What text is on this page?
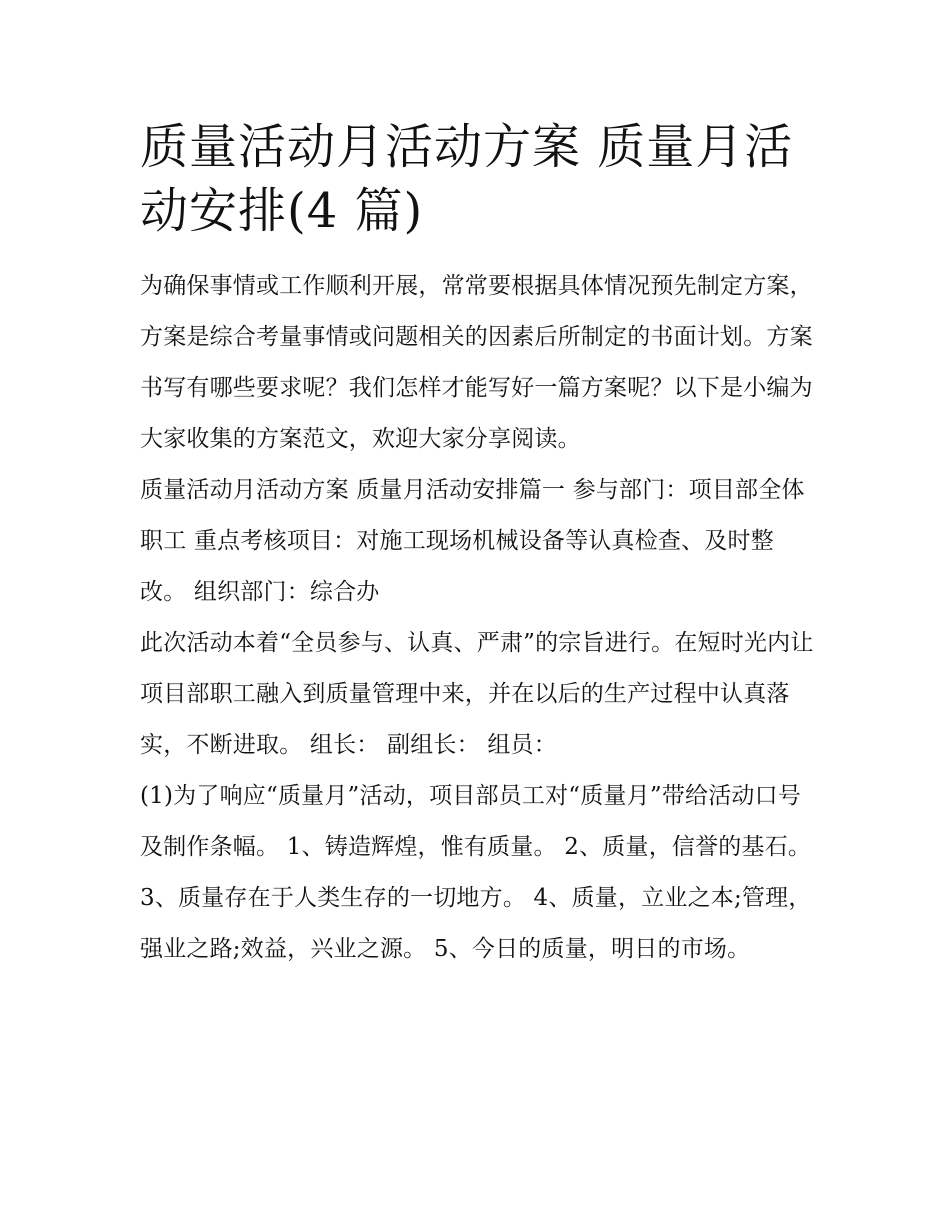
质量活动月活动方案 质量月活动安排(4 篇)

为确保事情或工作顺利开展，常常要根据具体情况预先制定方案，方案是综合考量事情或问题相关的因素后所制定的书面计划。方案书写有哪些要求呢？我们怎样才能写好一篇方案呢？以下是小编为大家收集的方案范文，欢迎大家分享阅读。

质量活动月活动方案 质量月活动安排篇一 参与部门：项目部全体职工 重点考核项目：对施工现场机械设备等认真检查、及时整改。 组织部门：综合办

此次活动本着“全员参与、认真、严肃”的宗旨进行。在短时光内让项目部职工融入到质量管理中来，并在以后的生产过程中认真落实，不断进取。 组长： 副组长： 组员：

(1)为了响应“质量月”活动，项目部员工对“质量月”带给活动口号及制作条幅。 1、铸造辉煌，惟有质量。 2、质量，信誉的基石。

3、质量存在于人类生存的一切地方。 4、质量，立业之本;管理，强业之路;效益，兴业之源。 5、今日的质量，明日的市场。
